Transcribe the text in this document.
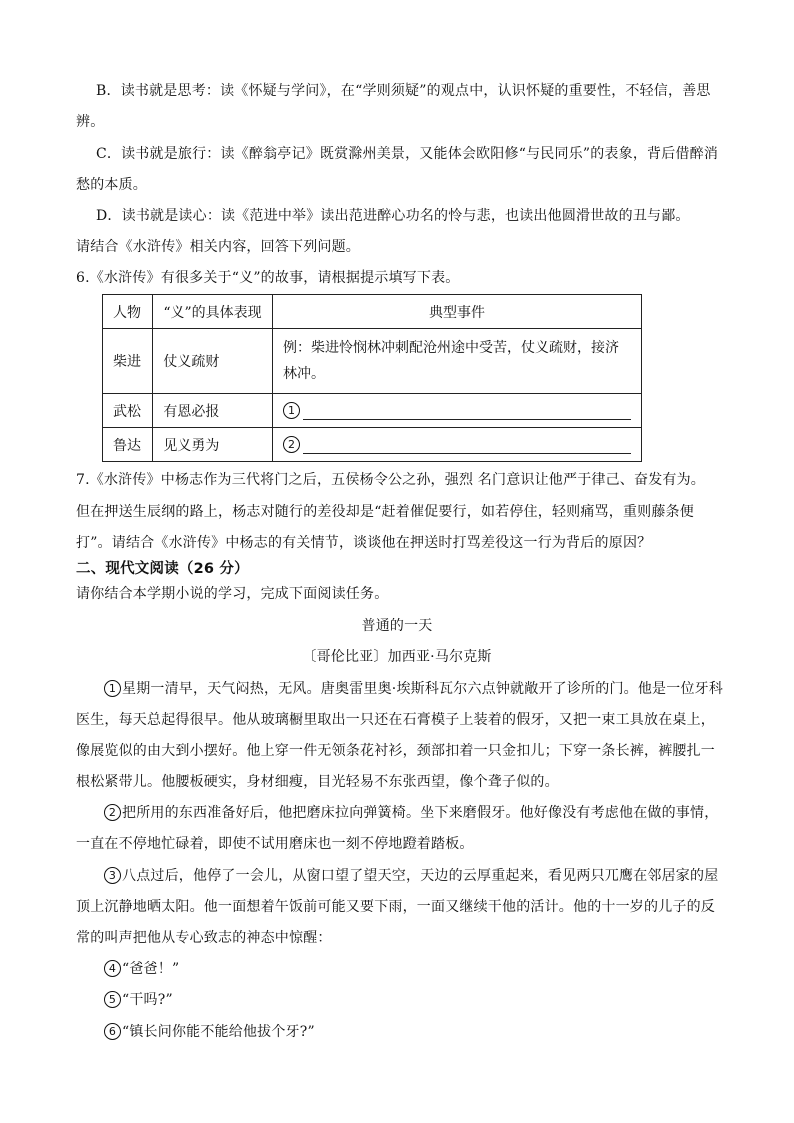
B．读书就是思考：读《怀疑与学问》，在“学则须疑”的观点中，认识怀疑的重要性，不轻信，善思
辨。
C．读书就是旅行：读《醉翁亭记》既赏滁州美景，又能体会欧阳修“与民同乐”的表象，背后借醉消
愁的本质。
D．读书就是读心：读《范进中举》读出范进醉心功名的怜与悲，也读出他圆滑世故的丑与鄙。
请结合《水浒传》相关内容，回答下列问题。
6.《水浒传》有很多关于“义”的故事，请根据提示填写下表。
人物	“义”的具体表现	典型事件
柴进	仗义疏财	例：柴进怜悯林冲刺配沧州途中受苦，仗义疏财，接济林冲。
武松	有恩必报	1
鲁达	见义勇为	2
7.《水浒传》中杨志作为三代将门之后，五侯杨令公之孙，强烈 名门意识让他严于律己、奋发有为。
但在押送生辰纲的路上，杨志对随行的差役却是“赶着催促要行，如若停住，轻则痛骂，重则藤条便
打”。请结合《水浒传》中杨志的有关情节，谈谈他在押送时打骂差役这一行为背后的原因？
二、现代文阅读（26 分）
请你结合本学期小说的学习，完成下面阅读任务。
普通的一天
〔哥伦比亚〕加西亚·马尔克斯
1 星期一清早，天气闷热，无风。唐奥雷里奥·埃斯科瓦尔六点钟就敞开了诊所的门。他是一位牙科
医生，每天总起得很早。他从玻璃橱里取出一只还在石膏模子上装着的假牙，又把一束工具放在桌上，
像展览似的由大到小摆好。他上穿一件无领条花衬衫，颈部扣着一只金扣儿；下穿一条长裤，裤腰扎一
根松紧带儿。他腰板硬实，身材细瘦，目光轻易不东张西望，像个聋子似的。
2 把所用的东西准备好后，他把磨床拉向弹簧椅。坐下来磨假牙。他好像没有考虑他在做的事情，
一直在不停地忙碌着，即使不试用磨床也一刻不停地蹬着踏板。
3 八点过后，他停了一会儿，从窗口望了望天空，天边的云厚重起来，看见两只兀鹰在邻居家的屋
顶上沉静地晒太阳。他一面想着午饭前可能又要下雨，一面又继续干他的活计。他的十一岁的儿子的反
常的叫声把他从专心致志的神态中惊醒：
4 “爸爸！”
5 “干吗?”
6 “镇长问你能不能给他拔个牙?”
